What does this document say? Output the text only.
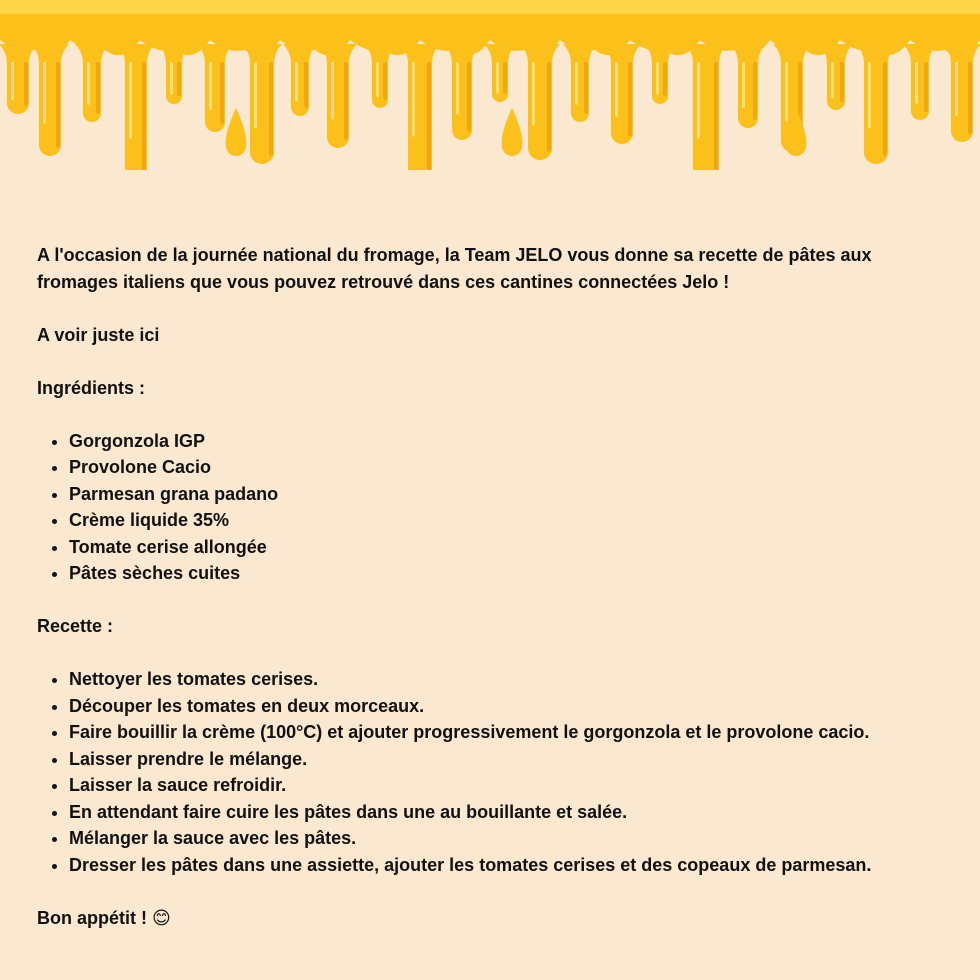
A l'occasion de la journée national du fromage, la Team JELO vous donne sa recette de pâtes aux fromages italiens que vous pouvez retrouvé dans ces cantines connectées Jelo !

A voir juste ici

Ingrédients :

• Gorgonzola IGP
• Provolone Cacio
• Parmesan grana padano
• Crème liquide 35%
• Tomate cerise allongée
• Pâtes sèches cuites

Recette :

• Nettoyer les tomates cerises.
• Découper les tomates en deux morceaux.
• Faire bouillir la crème (100°C) et ajouter progressivement le gorgonzola et le provolone cacio.
• Laisser prendre le mélange.
• Laisser la sauce refroidir.
• En attendant faire cuire les pâtes dans une au bouillante et salée.
• Mélanger la sauce avec les pâtes.
• Dresser les pâtes dans une assiette, ajouter les tomates cerises et des copeaux de parmesan.

Bon appétit ! 😊
